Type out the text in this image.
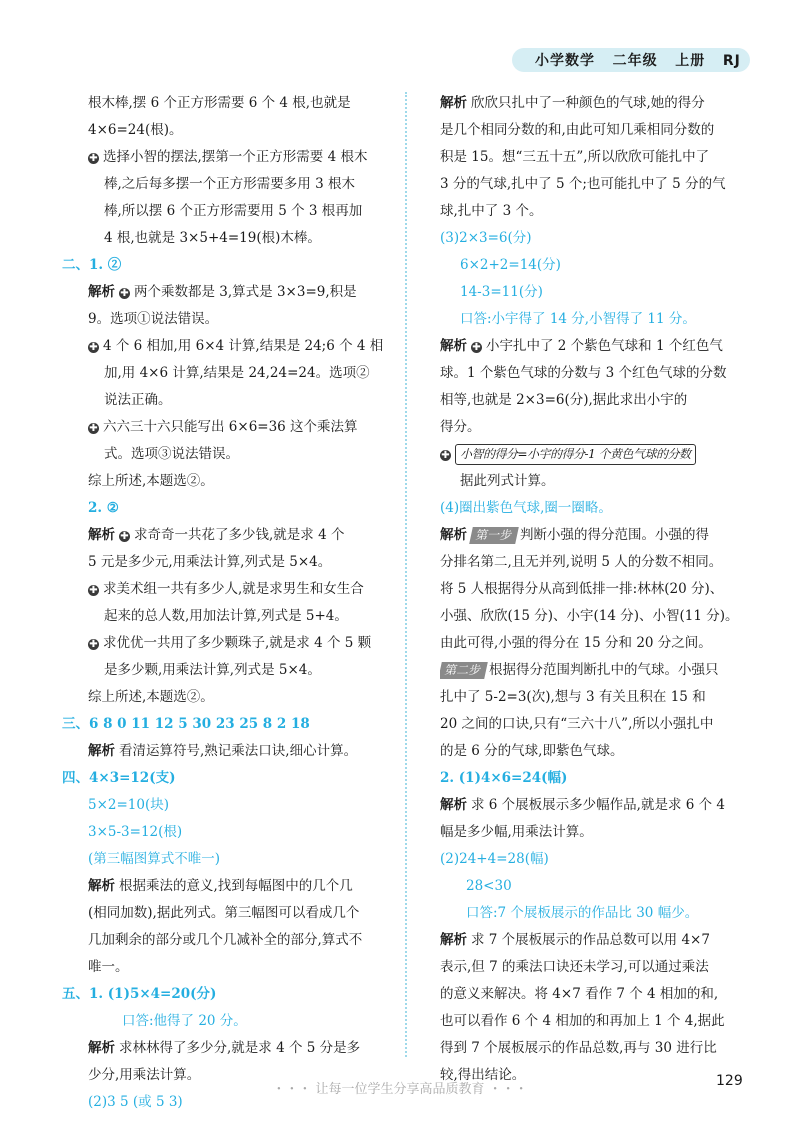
小学数学   二年级   上册   RJ
根木棒,摆 6 个正方形需要 6 个 4 根,也就是
4×6=24(根)。
✚ 选择小智的摆法,摆第一个正方形需要 4 根木
棒,之后每多摆一个正方形需要多用 3 根木
棒,所以摆 6 个正方形需要用 5 个 3 根再加
4 根,也就是 3×5+4=19(根)木棒。
二、1. ②
解析 ✚ 两个乘数都是 3,算式是 3×3=9,积是
9。选项①说法错误。
✚ 4 个 6 相加,用 6×4 计算,结果是 24;6 个 4 相
加,用 4×6 计算,结果是 24,24=24。选项②
说法正确。
✚ 六六三十六只能写出 6×6=36 这个乘法算
式。选项③说法错误。
综上所述,本题选②。
2. ②
解析 ✚ 求奇奇一共花了多少钱,就是求 4 个
5 元是多少元,用乘法计算,列式是 5×4。
✚ 求美术组一共有多少人,就是求男生和女生合
起来的总人数,用加法计算,列式是 5+4。
✚ 求优优一共用了多少颗珠子,就是求 4 个 5 颗
是多少颗,用乘法计算,列式是 5×4。
综上所述,本题选②。
三、6 8 0 11 12 5 30 23 25 8 2 18
解析 看清运算符号,熟记乘法口诀,细心计算。
四、4×3=12(支)
5×2=10(块)
3×5-3=12(根)
(第三幅图算式不唯一)
解析 根据乘法的意义,找到每幅图中的几个几
(相同加数),据此列式。第三幅图可以看成几个
几加剩余的部分或几个几减补全的部分,算式不
唯一。
五、1. (1)5×4=20(分)
口答:他得了 20 分。
解析 求林林得了多少分,就是求 4 个 5 分是多
少分,用乘法计算。
(2)3 5 (或 5 3)
解析 欣欣只扎中了一种颜色的气球,她的得分
是几个相同分数的和,由此可知几乘相同分数的
积是 15。想“三五十五”,所以欣欣可能扎中了
3 分的气球,扎中了 5 个;也可能扎中了 5 分的气
球,扎中了 3 个。
(3)2×3=6(分)
6×2+2=14(分)
14-3=11(分)
口答:小宇得了 14 分,小智得了 11 分。
解析 ✚ 小宇扎中了 2 个紫色气球和 1 个红色气
球。1 个紫色气球的分数与 3 个红色气球的分数
相等,也就是 2×3=6(分),据此求出小宇的
得分。
✚ 小智的得分=小宇的得分-1 个黄色气球的分数
据此列式计算。
(4)圈出紫色气球,圈一圈略。
解析 第一步 判断小强的得分范围。小强的得
分排名第二,且无并列,说明 5 人的分数不相同。
将 5 人根据得分从高到低排一排:林林(20 分)、
小强、欣欣(15 分)、小宇(14 分)、小智(11 分)。
由此可得,小强的得分在 15 分和 20 分之间。
第二步 根据得分范围判断扎中的气球。小强只
扎中了 5-2=3(次),想与 3 有关且积在 15 和
20 之间的口诀,只有“三六十八”,所以小强扎中
的是 6 分的气球,即紫色气球。
2. (1)4×6=24(幅)
解析 求 6 个展板展示多少幅作品,就是求 6 个 4
幅是多少幅,用乘法计算。
(2)24+4=28(幅)
28<30
口答:7 个展板展示的作品比 30 幅少。
解析 求 7 个展板展示的作品总数可以用 4×7
表示,但 7 的乘法口诀还未学习,可以通过乘法
的意义来解决。将 4×7 看作 7 个 4 相加的和,
也可以看作 6 个 4 相加的和再加上 1 个 4,据此
得到 7 个展板展示的作品总数,再与 30 进行比
较,得出结论。
・・・ 让每一位学生分享高品质教育 ・・・
129
